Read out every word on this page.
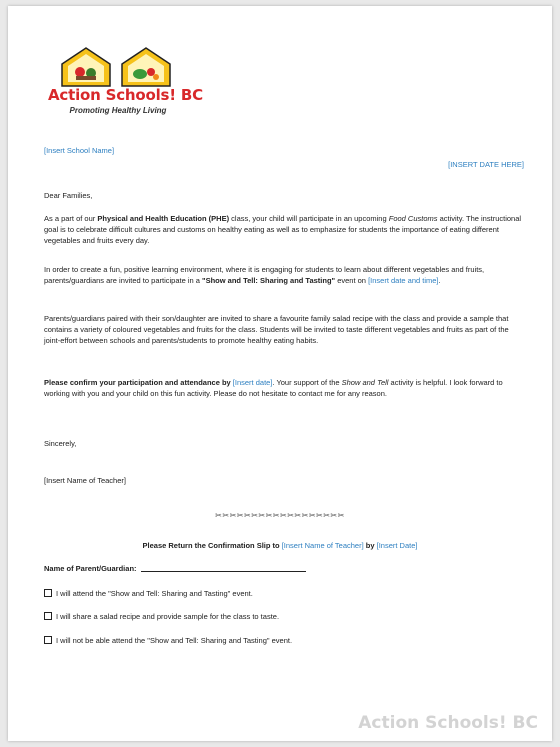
Action Schools! BC
Promoting Healthy Living
[Insert School Name]
[INSERT DATE HERE]
Dear Families,
As a part of our Physical and Health Education (PHE) class, your child will participate in an upcoming Food Customs activity. The instructional goal is to celebrate difficult cultures and customs on healthy eating as well as to emphasize for students the importance of eating different vegetables and fruits every day.
In order to create a fun, positive learning environment, where it is engaging for students to learn about different vegetables and fruits, parents/guardians are invited to participate in a "Show and Tell: Sharing and Tasting" event on [Insert date and time].
Parents/guardians paired with their son/daughter are invited to share a favourite family salad recipe with the class and provide a sample that contains a variety of coloured vegetables and fruits for the class. Students will be invited to taste different vegetables and fruits as part of the joint-effort between schools and parents/students to promote healthy eating habits.
Please confirm your participation and attendance by [Insert date]. Your support of the Show and Tell activity is helpful. I look forward to working with you and your child on this fun activity. Please do not hesitate to contact me for any reason.
Sincerely,
[Insert Name of Teacher]
✂✂✂✂✂✂✂✂✂✂✂✂✂✂✂✂✂✂
Please Return the Confirmation Slip to [Insert Name of Teacher] by [Insert Date]
Name of Parent/Guardian:
I will attend the "Show and Tell: Sharing and Tasting" event.
I will share a salad recipe and provide sample for the class to taste.
I will not be able attend the "Show and Tell: Sharing and Tasting" event.
Action Schools! BC
